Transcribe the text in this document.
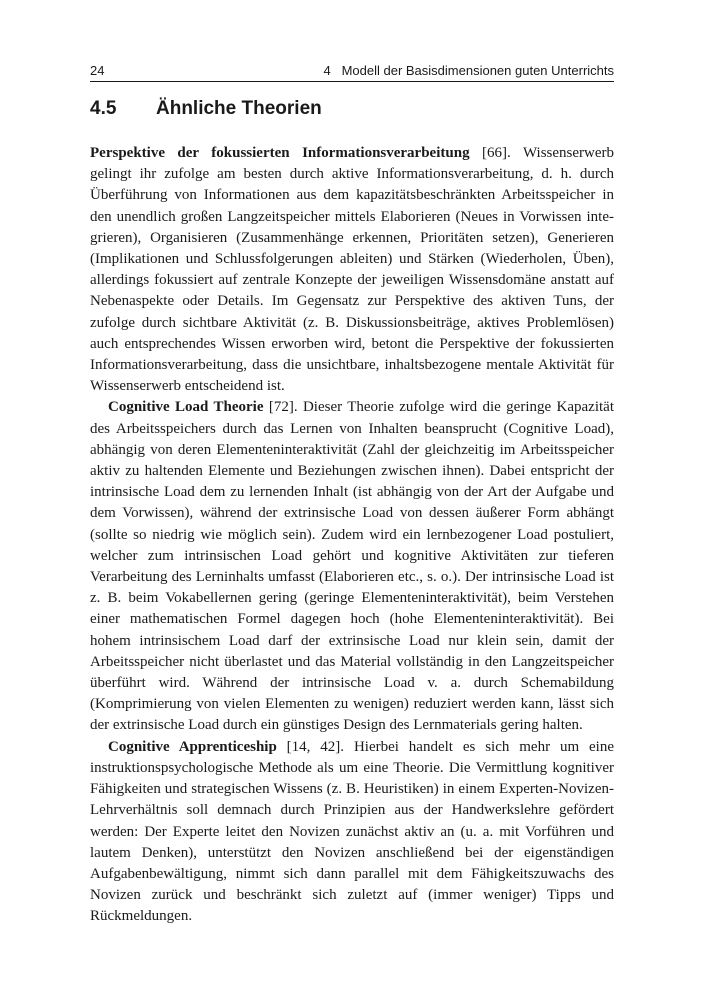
24	4   Modell der Basisdimensionen guten Unterrichts
4.5	Ähnliche Theorien

Perspektive der fokussierten Informationsverarbeitung [66]. Wissenserwerb gelingt ihr zufolge am besten durch aktive Informationsverarbeitung, d. h. durch Überführung von Informationen aus dem kapazitätsbeschränkten Arbeitsspeicher in den unendlich großen Langzeitspeicher mittels Elaborieren (Neues in Vorwissen integrieren), Organisieren (Zusammenhänge erkennen, Prioritäten setzen), Generieren (Implikationen und Schlussfolgerungen ableiten) und Stärken (Wiederholen, Üben), allerdings fokussiert auf zentrale Konzepte der jeweiligen Wissensdomäne anstatt auf Nebenaspekte oder Details. Im Gegensatz zur Perspektive des aktiven Tuns, der zufolge durch sichtbare Aktivität (z. B. Diskussionsbeiträge, aktives Problemlösen) auch entsprechendes Wissen erworben wird, betont die Perspektive der fokussierten Informationsverarbeitung, dass die unsichtbare, inhaltsbezogene mentale Aktivität für Wissenserwerb entscheidend ist.

Cognitive Load Theorie [72]. Dieser Theorie zufolge wird die geringe Kapazität des Arbeitsspeichers durch das Lernen von Inhalten beansprucht (Cognitive Load), abhängig von deren Elementeninteraktivität (Zahl der gleichzeitig im Arbeitsspeicher aktiv zu haltenden Elemente und Beziehungen zwischen ihnen). Dabei entspricht der intrinsische Load dem zu lernenden Inhalt (ist abhängig von der Art der Aufgabe und dem Vorwissen), während der extrinsische Load von dessen äußerer Form abhängt (sollte so niedrig wie möglich sein). Zudem wird ein lernbezogener Load postuliert, welcher zum intrinsischen Load gehört und kognitive Aktivitäten zur tieferen Verarbeitung des Lerninhalts umfasst (Elaborieren etc., s. o.). Der intrinsische Load ist z. B. beim Vokabellernen gering (geringe Elementeninteraktivität), beim Verstehen einer mathematischen Formel dagegen hoch (hohe Elementeninteraktivität). Bei hohem intrinsischem Load darf der extrinsische Load nur klein sein, damit der Arbeitsspeicher nicht überlastet und das Material vollständig in den Langzeitspeicher überführt wird. Während der intrinsische Load v. a. durch Schemabildung (Komprimierung von vielen Elementen zu wenigen) reduziert werden kann, lässt sich der extrinsische Load durch ein günstiges Design des Lernmaterials gering halten.

Cognitive Apprenticeship [14, 42]. Hierbei handelt es sich mehr um eine instruktionspsychologische Methode als um eine Theorie. Die Vermittlung kognitiver Fähigkeiten und strategischen Wissens (z. B. Heuristiken) in einem Experten-Novizen-Lehrverhältnis soll demnach durch Prinzipien aus der Handwerkslehre gefördert werden: Der Experte leitet den Novizen zunächst aktiv an (u. a. mit Vorführen und lautem Denken), unterstützt den Novizen anschließend bei der eigenständigen Aufgabenbewältigung, nimmt sich dann parallel mit dem Fähigkeitszuwachs des Novizen zurück und beschränkt sich zuletzt auf (immer weniger) Tipps und Rückmeldungen.
